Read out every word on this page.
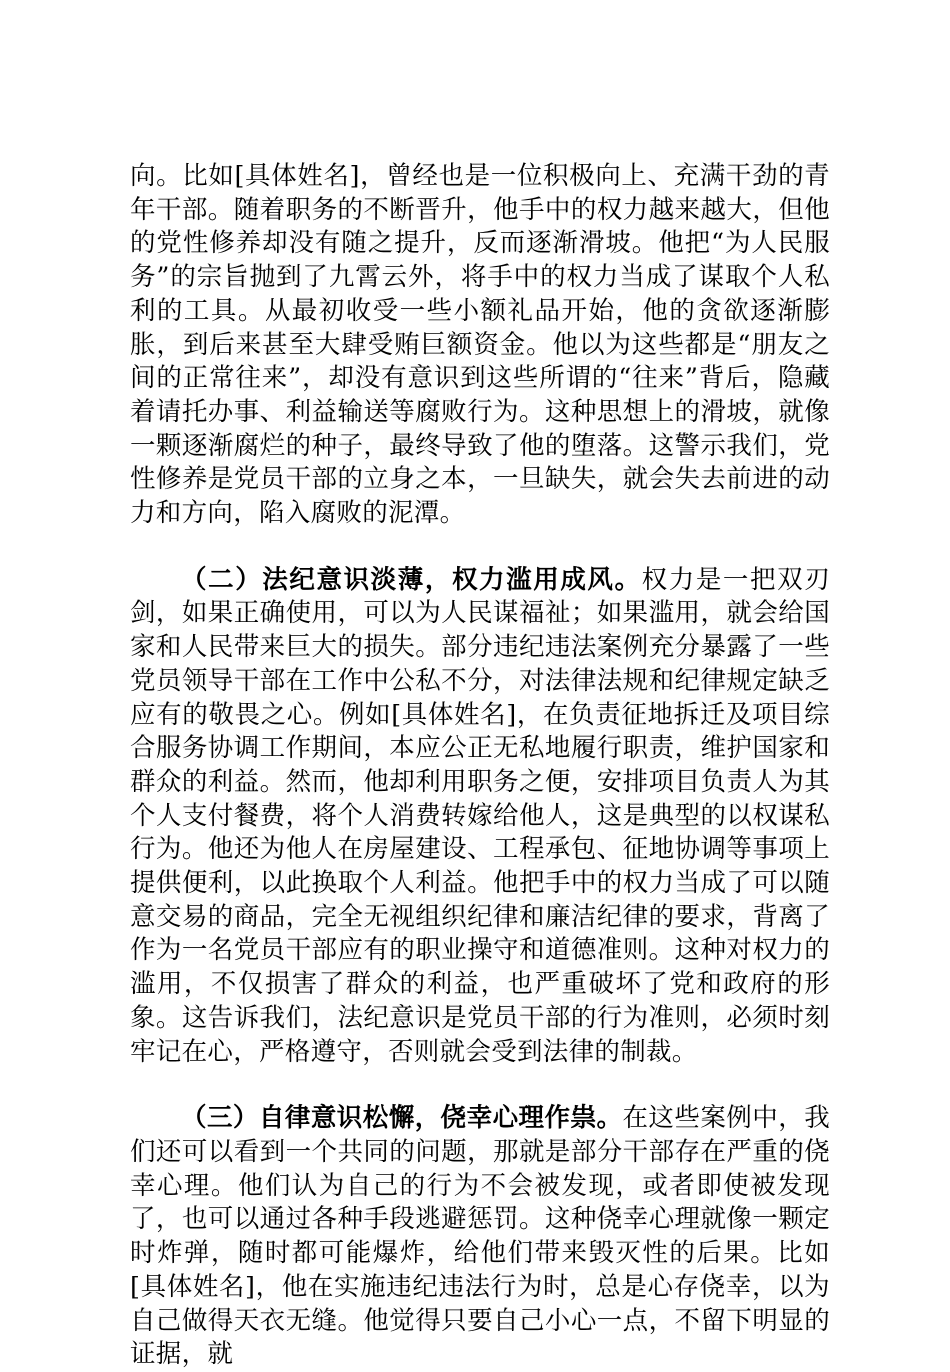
向。比如[具体姓名]，曾经也是一位积极向上、充满干劲的青年干部。随着职务的不断晋升，他手中的权力越来越大，但他的党性修养却没有随之提升，反而逐渐滑坡。他把“为人民服务”的宗旨抛到了九霄云外，将手中的权力当成了谋取个人私利的工具。从最初收受一些小额礼品开始，他的贪欲逐渐膨胀，到后来甚至大肆受贿巨额资金。他以为这些都是“朋友之间的正常往来”，却没有意识到这些所谓的“往来”背后，隐藏着请托办事、利益输送等腐败行为。这种思想上的滑坡，就像一颗逐渐腐烂的种子，最终导致了他的堕落。这警示我们，党性修养是党员干部的立身之本，一旦缺失，就会失去前进的动力和方向，陷入腐败的泥潭。

（二）法纪意识淡薄，权力滥用成风。权力是一把双刃剑，如果正确使用，可以为人民谋福祉；如果滥用，就会给国家和人民带来巨大的损失。部分违纪违法案例充分暴露了一些党员领导干部在工作中公私不分，对法律法规和纪律规定缺乏应有的敬畏之心。例如[具体姓名]，在负责征地拆迁及项目综合服务协调工作期间，本应公正无私地履行职责，维护国家和群众的利益。然而，他却利用职务之便，安排项目负责人为其个人支付餐费，将个人消费转嫁给他人，这是典型的以权谋私行为。他还为他人在房屋建设、工程承包、征地协调等事项上提供便利，以此换取个人利益。他把手中的权力当成了可以随意交易的商品，完全无视组织纪律和廉洁纪律的要求，背离了作为一名党员干部应有的职业操守和道德准则。这种对权力的滥用，不仅损害了群众的利益，也严重破坏了党和政府的形象。这告诉我们，法纪意识是党员干部的行为准则，必须时刻牢记在心，严格遵守，否则就会受到法律的制裁。

（三）自律意识松懈，侥幸心理作祟。在这些案例中，我们还可以看到一个共同的问题，那就是部分干部存在严重的侥幸心理。他们认为自己的行为不会被发现，或者即使被发现了，也可以通过各种手段逃避惩罚。这种侥幸心理就像一颗定时炸弹，随时都可能爆炸，给他们带来毁灭性的后果。比如[具体姓名]，他在实施违纪违法行为时，总是心存侥幸，以为自己做得天衣无缝。他觉得只要自己小心一点，不留下明显的证据，就
